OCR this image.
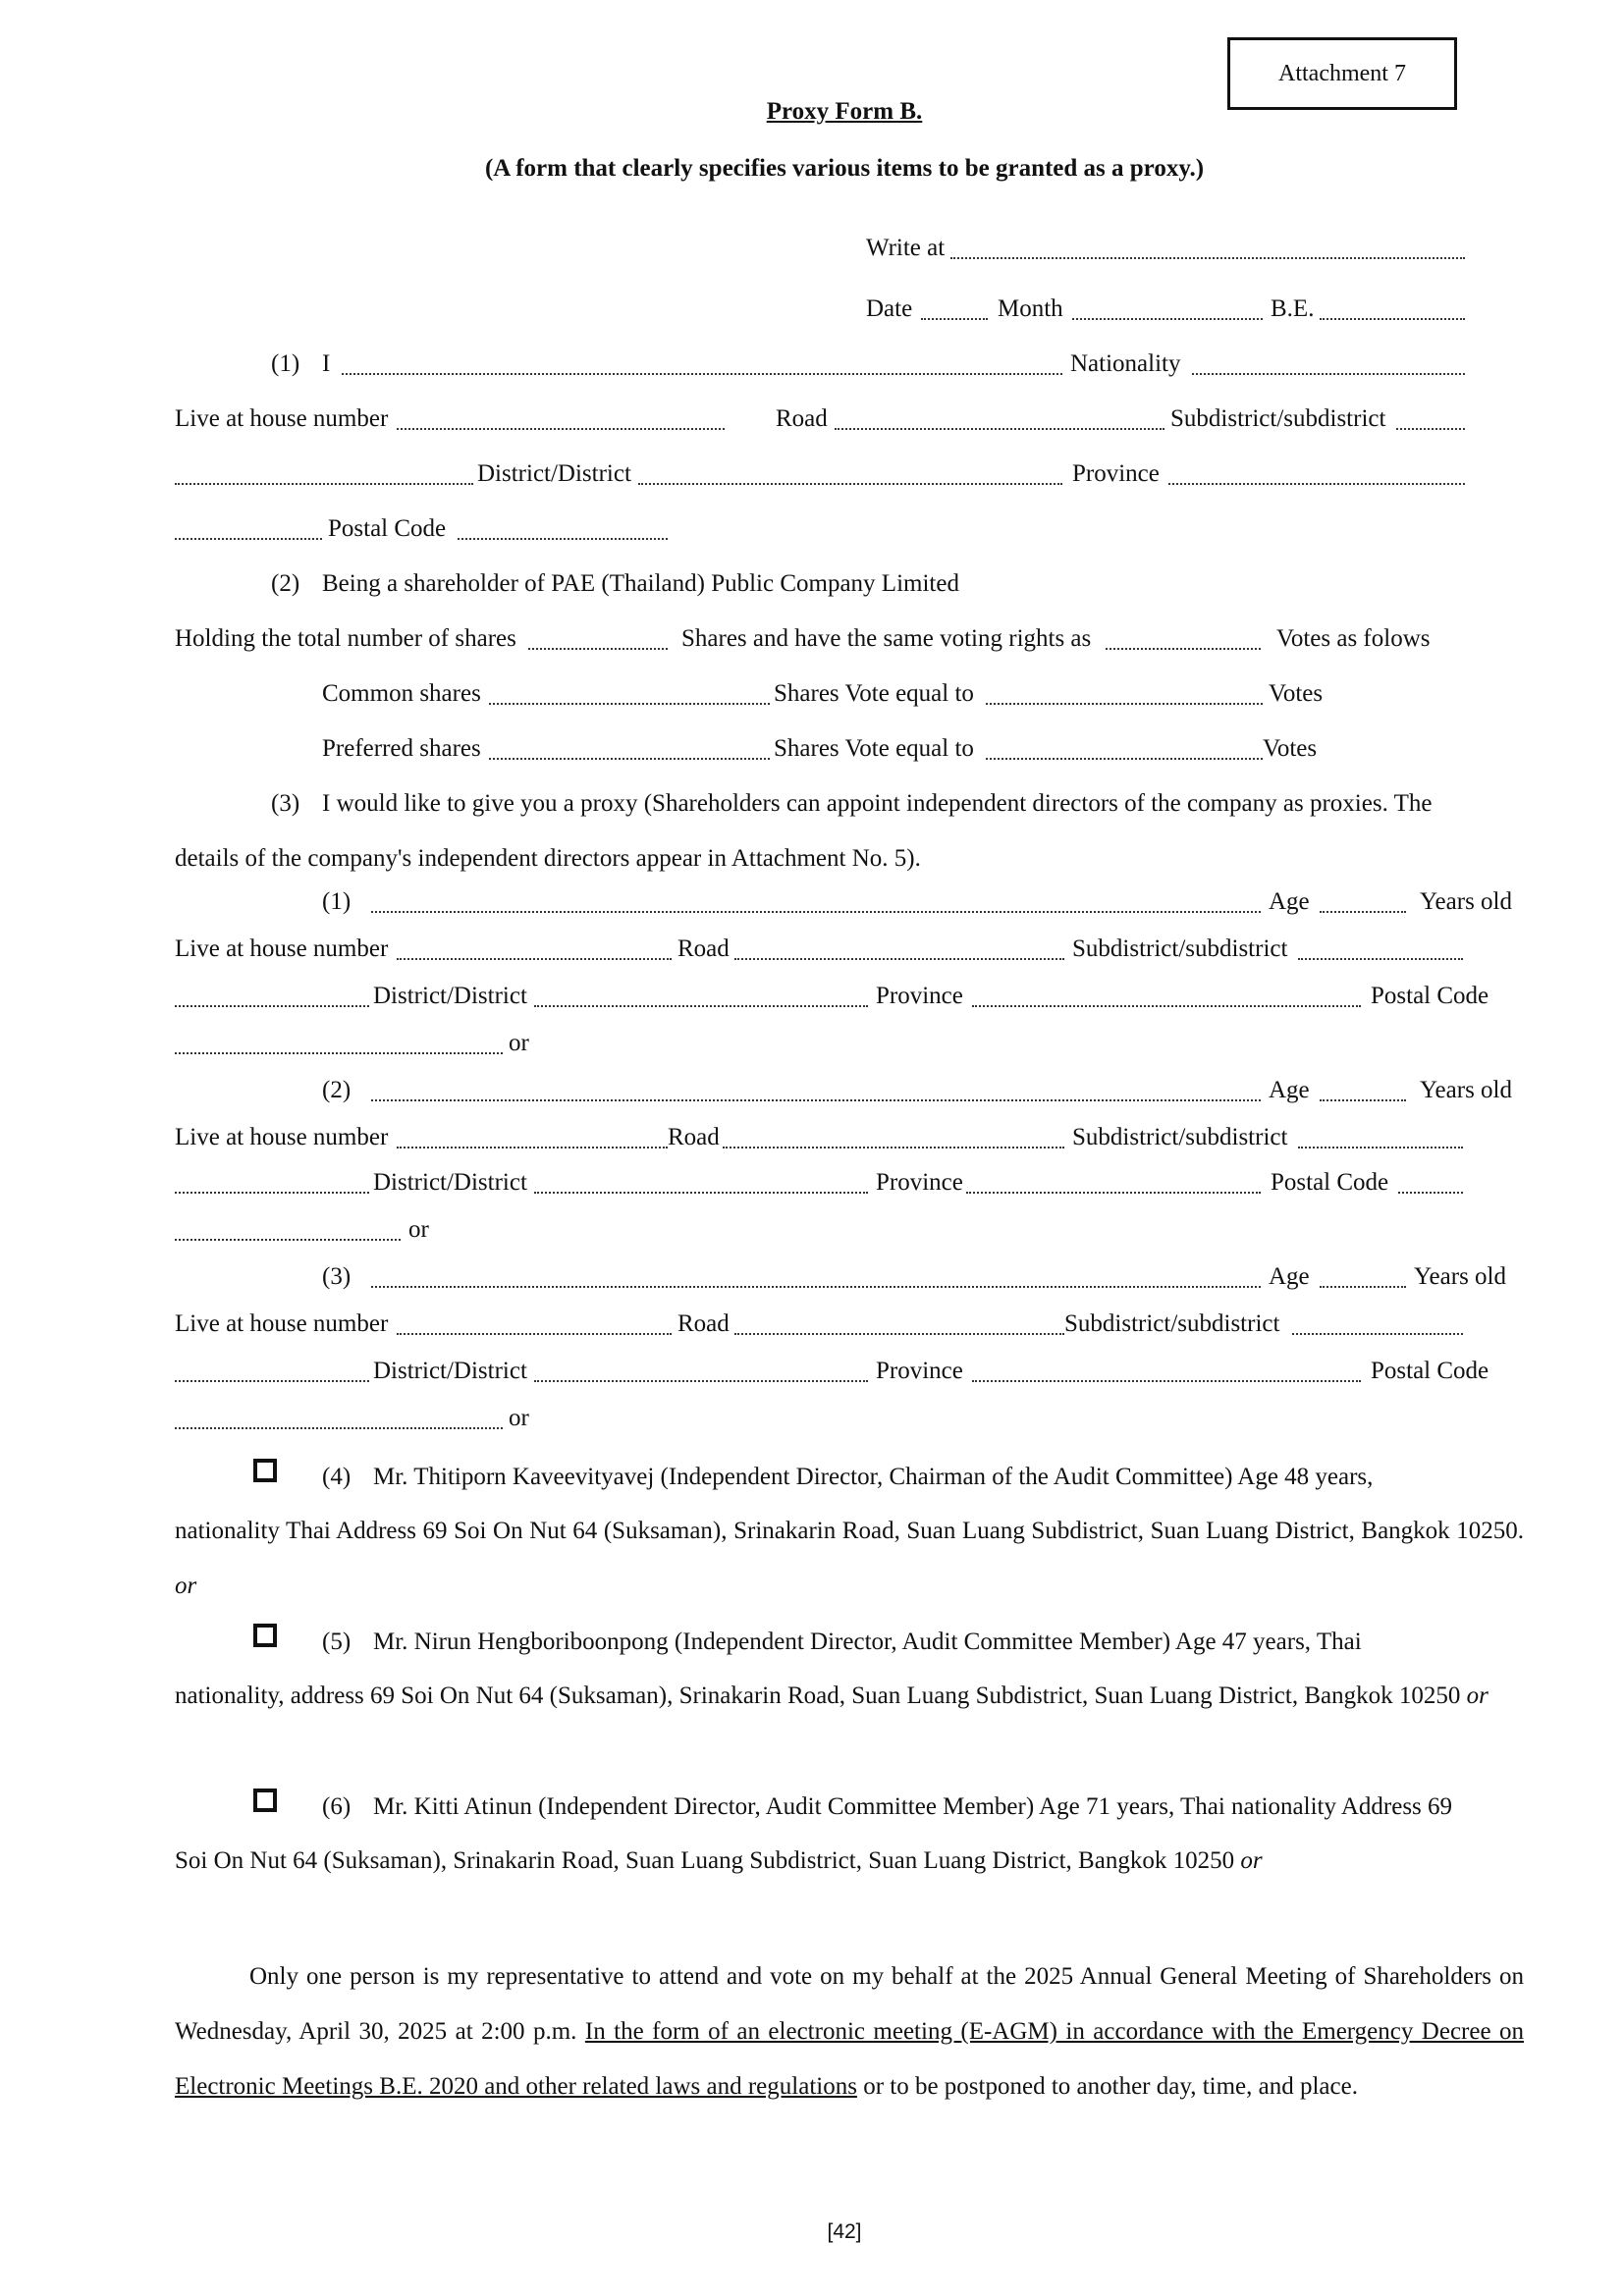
Attachment 7
Proxy Form B.
(A form that clearly specifies various items to be granted as a proxy.)
Write at
Date	Month	B.E.
(1) I	Nationality
Live at house number	Road	Subdistrict/subdistrict
District/District	Province
Postal Code
(2) Being a shareholder of PAE (Thailand) Public Company Limited
Holding the total number of shares	Shares and have the same voting rights as	Votes as folows
Common shares	Shares Vote equal to	Votes
Preferred shares	Shares Vote equal to	Votes
(3) I would like to give you a proxy (Shareholders can appoint independent directors of the company as proxies. The
details of the company's independent directors appear in Attachment No. 5).
(1)	Age	Years old
Live at house number	Road	Subdistrict/subdistrict
District/District	Province	Postal Code
or
(2)	Age	Years old
Live at house number	Road	Subdistrict/subdistrict
District/District	Province	Postal Code
or
(3)	Age	Years old
Live at house number	Road	Subdistrict/subdistrict
District/District	Province	Postal Code
or
(4) Mr. Thitiporn Kaveevityavej (Independent Director, Chairman of the Audit Committee) Age 48 years,
nationality Thai Address 69 Soi On Nut 64 (Suksaman), Srinakarin Road, Suan Luang Subdistrict, Suan Luang District, Bangkok 10250. or
(5) Mr. Nirun Hengboriboonpong (Independent Director, Audit Committee Member) Age 47 years, Thai
nationality, address 69 Soi On Nut 64 (Suksaman), Srinakarin Road, Suan Luang Subdistrict, Suan Luang District, Bangkok 10250 or
(6) Mr. Kitti Atinun (Independent Director, Audit Committee Member) Age 71 years, Thai nationality Address 69
Soi On Nut 64 (Suksaman), Srinakarin Road, Suan Luang Subdistrict, Suan Luang District, Bangkok 10250 or
Only one person is my representative to attend and vote on my behalf at the 2025 Annual General Meeting of Shareholders on Wednesday, April 30, 2025 at 2:00 p.m. In the form of an electronic meeting (E-AGM) in accordance with the Emergency Decree on Electronic Meetings B.E. 2020 and other related laws and regulations or to be postponed to another day, time, and place.
[42]
